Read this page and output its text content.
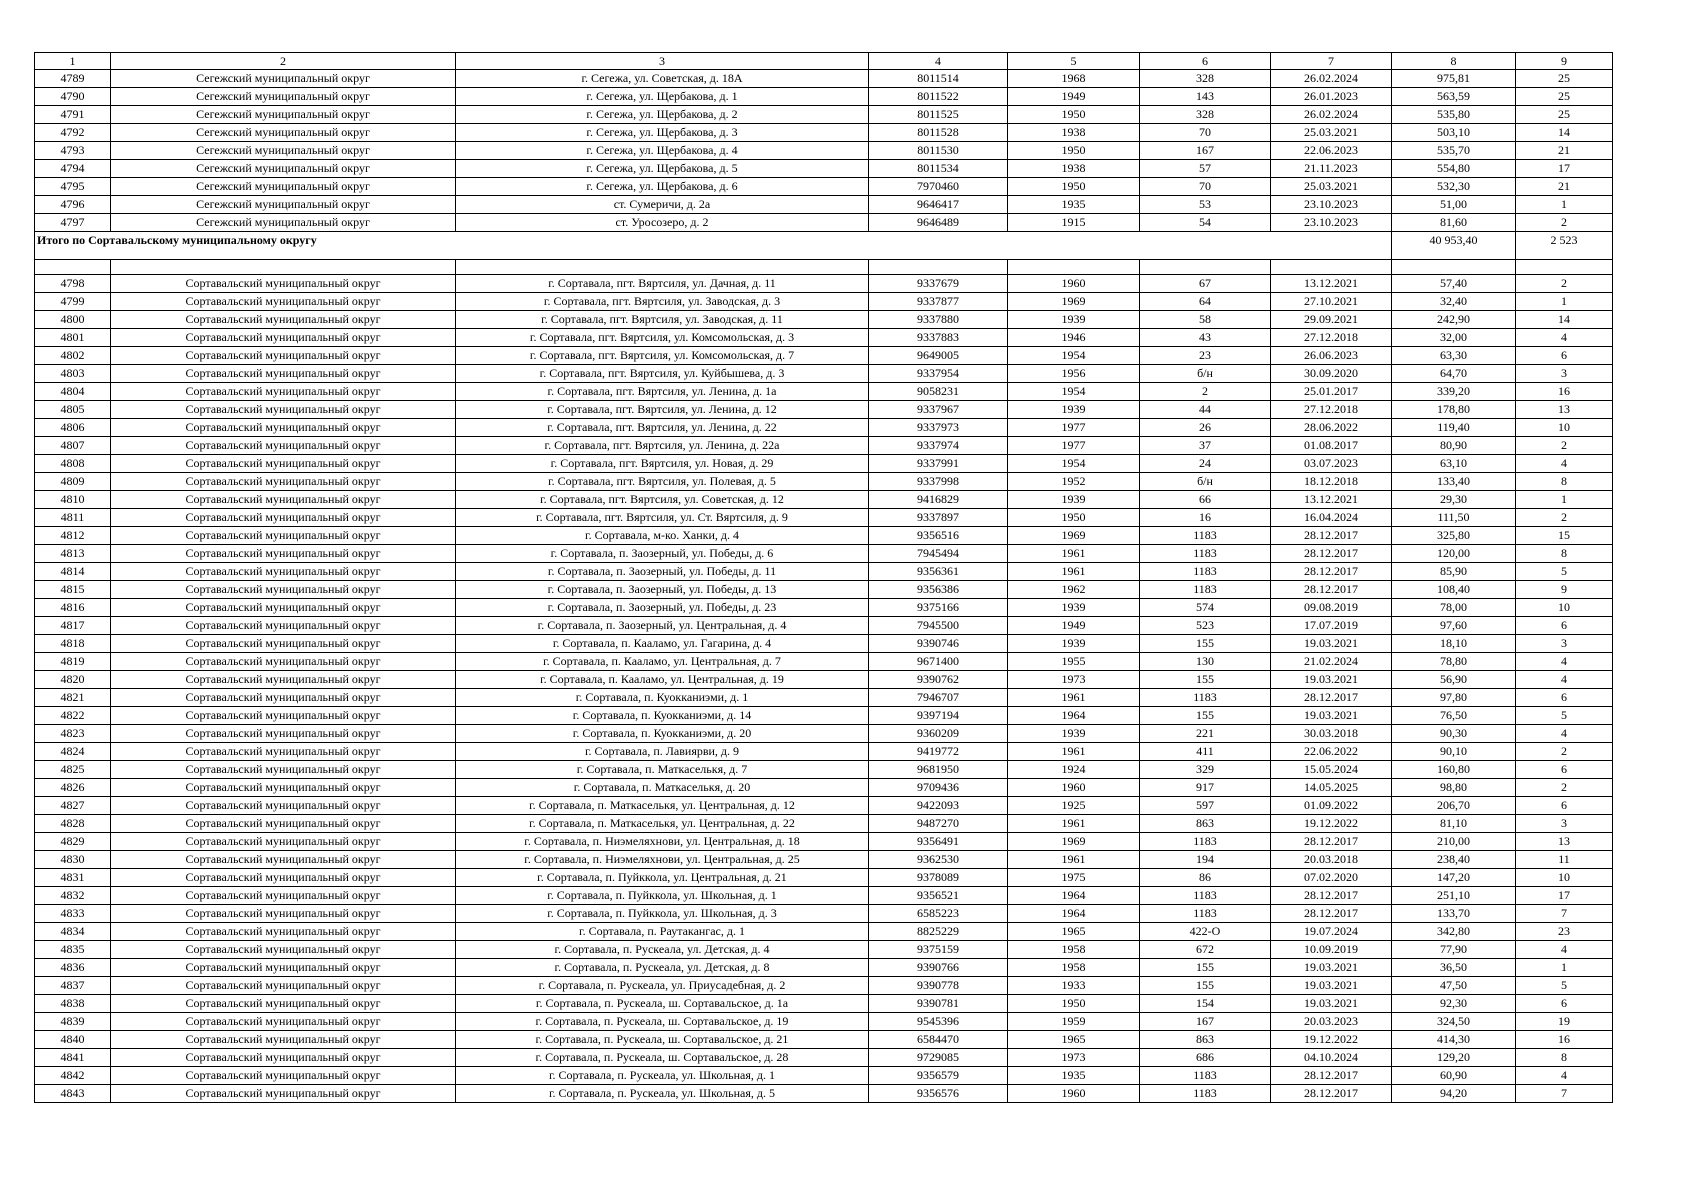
1	2	3	4	5	6	7	8	9
4789	Сегежский муниципальный округ	г. Сегежа, ул. Советская, д. 18А	8011514	1968	328	26.02.2024	975,81	25
4790	Сегежский муниципальный округ	г. Сегежа, ул. Щербакова, д. 1	8011522	1949	143	26.01.2023	563,59	25
4791	Сегежский муниципальный округ	г. Сегежа, ул. Щербакова, д. 2	8011525	1950	328	26.02.2024	535,80	25
4792	Сегежский муниципальный округ	г. Сегежа, ул. Щербакова, д. 3	8011528	1938	70	25.03.2021	503,10	14
4793	Сегежский муниципальный округ	г. Сегежа, ул. Щербакова, д. 4	8011530	1950	167	22.06.2023	535,70	21
4794	Сегежский муниципальный округ	г. Сегежа, ул. Щербакова, д. 5	8011534	1938	57	21.11.2023	554,80	17
4795	Сегежский муниципальный округ	г. Сегежа, ул. Щербакова, д. 6	7970460	1950	70	25.03.2021	532,30	21
4796	Сегежский муниципальный округ	ст. Сумеричи, д. 2а	9646417	1935	53	23.10.2023	51,00	1
4797	Сегежский муниципальный округ	ст. Уросозеро, д. 2	9646489	1915	54	23.10.2023	81,60	2
Итого по Сортавальскому муниципальному округу							40 953,40	2 523

4798	Сортавальский муниципальный округ	г. Сортавала, пгт. Вяртсиля, ул. Дачная, д. 11	9337679	1960	67	13.12.2021	57,40	2
4799	Сортавальский муниципальный округ	г. Сортавала, пгт. Вяртсиля, ул. Заводская, д. 3	9337877	1969	64	27.10.2021	32,40	1
4800	Сортавальский муниципальный округ	г. Сортавала, пгт. Вяртсиля, ул. Заводская, д. 11	9337880	1939	58	29.09.2021	242,90	14
4801	Сортавальский муниципальный округ	г. Сортавала, пгт. Вяртсиля, ул. Комсомольская, д. 3	9337883	1946	43	27.12.2018	32,00	4
4802	Сортавальский муниципальный округ	г. Сортавала, пгт. Вяртсиля, ул. Комсомольская, д. 7	9649005	1954	23	26.06.2023	63,30	6
4803	Сортавальский муниципальный округ	г. Сортавала, пгт. Вяртсиля, ул. Куйбышева, д. 3	9337954	1956	б/н	30.09.2020	64,70	3
4804	Сортавальский муниципальный округ	г. Сортавала, пгт. Вяртсиля, ул. Ленина, д. 1а	9058231	1954	2	25.01.2017	339,20	16
4805	Сортавальский муниципальный округ	г. Сортавала, пгт. Вяртсиля, ул. Ленина, д. 12	9337967	1939	44	27.12.2018	178,80	13
4806	Сортавальский муниципальный округ	г. Сортавала, пгт. Вяртсиля, ул. Ленина, д. 22	9337973	1977	26	28.06.2022	119,40	10
4807	Сортавальский муниципальный округ	г. Сортавала, пгт. Вяртсиля, ул. Ленина, д. 22а	9337974	1977	37	01.08.2017	80,90	2
4808	Сортавальский муниципальный округ	г. Сортавала, пгт. Вяртсиля, ул. Новая, д. 29	9337991	1954	24	03.07.2023	63,10	4
4809	Сортавальский муниципальный округ	г. Сортавала, пгт. Вяртсиля, ул. Полевая, д. 5	9337998	1952	б/н	18.12.2018	133,40	8
4810	Сортавальский муниципальный округ	г. Сортавала, пгт. Вяртсиля, ул. Советская, д. 12	9416829	1939	66	13.12.2021	29,30	1
4811	Сортавальский муниципальный округ	г. Сортавала, пгт. Вяртсиля, ул. Ст. Вяртсиля, д. 9	9337897	1950	16	16.04.2024	111,50	2
4812	Сортавальский муниципальный округ	г. Сортавала, м-ко. Ханки, д. 4	9356516	1969	1183	28.12.2017	325,80	15
4813	Сортавальский муниципальный округ	г. Сортавала, п. Заозерный, ул. Победы, д. 6	7945494	1961	1183	28.12.2017	120,00	8
4814	Сортавальский муниципальный округ	г. Сортавала, п. Заозерный, ул. Победы, д. 11	9356361	1961	1183	28.12.2017	85,90	5
4815	Сортавальский муниципальный округ	г. Сортавала, п. Заозерный, ул. Победы, д. 13	9356386	1962	1183	28.12.2017	108,40	9
4816	Сортавальский муниципальный округ	г. Сортавала, п. Заозерный, ул. Победы, д. 23	9375166	1939	574	09.08.2019	78,00	10
4817	Сортавальский муниципальный округ	г. Сортавала, п. Заозерный, ул. Центральная, д. 4	7945500	1949	523	17.07.2019	97,60	6
4818	Сортавальский муниципальный округ	г. Сортавала, п. Кааламо, ул. Гагарина, д. 4	9390746	1939	155	19.03.2021	18,10	3
4819	Сортавальский муниципальный округ	г. Сортавала, п. Кааламо, ул. Центральная, д. 7	9671400	1955	130	21.02.2024	78,80	4
4820	Сортавальский муниципальный округ	г. Сортавала, п. Кааламо, ул. Центральная, д. 19	9390762	1973	155	19.03.2021	56,90	4
4821	Сортавальский муниципальный округ	г. Сортавала, п. Куокканиэми, д. 1	7946707	1961	1183	28.12.2017	97,80	6
4822	Сортавальский муниципальный округ	г. Сортавала, п. Куокканиэми, д. 14	9397194	1964	155	19.03.2021	76,50	5
4823	Сортавальский муниципальный округ	г. Сортавала, п. Куокканиэми, д. 20	9360209	1939	221	30.03.2018	90,30	4
4824	Сортавальский муниципальный округ	г. Сортавала, п. Лавиярви, д. 9	9419772	1961	411	22.06.2022	90,10	2
4825	Сортавальский муниципальный округ	г. Сортавала, п. Маткаселькя, д. 7	9681950	1924	329	15.05.2024	160,80	6
4826	Сортавальский муниципальный округ	г. Сортавала, п. Маткаселькя, д. 20	9709436	1960	917	14.05.2025	98,80	2
4827	Сортавальский муниципальный округ	г. Сортавала, п. Маткаселькя, ул. Центральная, д. 12	9422093	1925	597	01.09.2022	206,70	6
4828	Сортавальский муниципальный округ	г. Сортавала, п. Маткаселькя, ул. Центральная, д. 22	9487270	1961	863	19.12.2022	81,10	3
4829	Сортавальский муниципальный округ	г. Сортавала, п. Ниэмеляхнови, ул. Центральная, д. 18	9356491	1969	1183	28.12.2017	210,00	13
4830	Сортавальский муниципальный округ	г. Сортавала, п. Ниэмеляхнови, ул. Центральная, д. 25	9362530	1961	194	20.03.2018	238,40	11
4831	Сортавальский муниципальный округ	г. Сортавала, п. Пуйккола, ул. Центральная, д. 21	9378089	1975	86	07.02.2020	147,20	10
4832	Сортавальский муниципальный округ	г. Сортавала, п. Пуйккола, ул. Школьная, д. 1	9356521	1964	1183	28.12.2017	251,10	17
4833	Сортавальский муниципальный округ	г. Сортавала, п. Пуйккола, ул. Школьная, д. 3	6585223	1964	1183	28.12.2017	133,70	7
4834	Сортавальский муниципальный округ	г. Сортавала, п. Раутакангас, д. 1	8825229	1965	422-О	19.07.2024	342,80	23
4835	Сортавальский муниципальный округ	г. Сортавала, п. Рускеала, ул. Детская, д. 4	9375159	1958	672	10.09.2019	77,90	4
4836	Сортавальский муниципальный округ	г. Сортавала, п. Рускеала, ул. Детская, д. 8	9390766	1958	155	19.03.2021	36,50	1
4837	Сортавальский муниципальный округ	г. Сортавала, п. Рускеала, ул. Приусадебная, д. 2	9390778	1933	155	19.03.2021	47,50	5
4838	Сортавальский муниципальный округ	г. Сортавала, п. Рускеала, ш. Сортавальское, д. 1а	9390781	1950	154	19.03.2021	92,30	6
4839	Сортавальский муниципальный округ	г. Сортавала, п. Рускеала, ш. Сортавальское, д. 19	9545396	1959	167	20.03.2023	324,50	19
4840	Сортавальский муниципальный округ	г. Сортавала, п. Рускеала, ш. Сортавальское, д. 21	6584470	1965	863	19.12.2022	414,30	16
4841	Сортавальский муниципальный округ	г. Сортавала, п. Рускеала, ш. Сортавальское, д. 28	9729085	1973	686	04.10.2024	129,20	8
4842	Сортавальский муниципальный округ	г. Сортавала, п. Рускеала, ул. Школьная, д. 1	9356579	1935	1183	28.12.2017	60,90	4
4843	Сортавальский муниципальный округ	г. Сортавала, п. Рускеала, ул. Школьная, д. 5	9356576	1960	1183	28.12.2017	94,20	7
